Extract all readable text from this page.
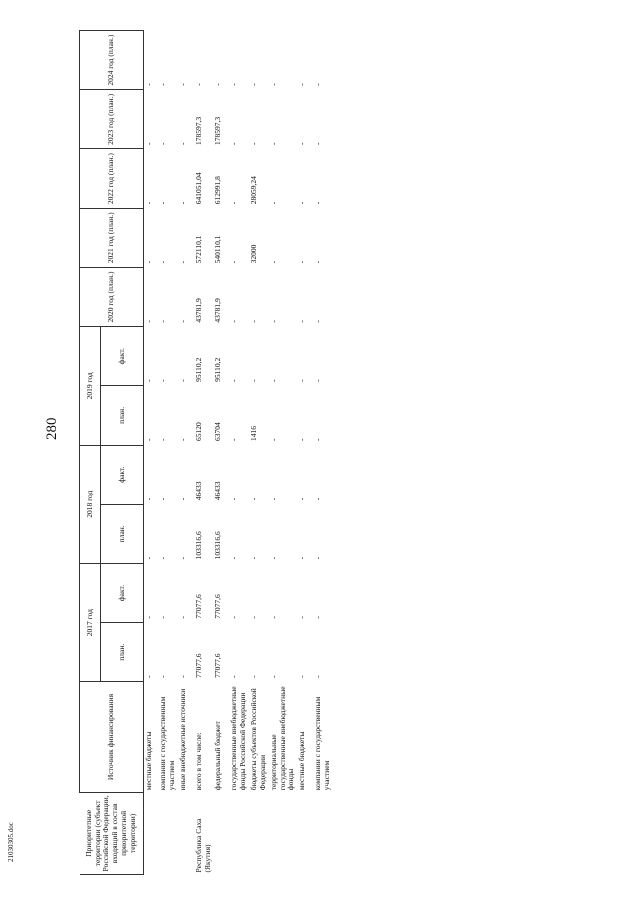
280
21030305.doc	Приоритетные территории (субъект Российской Федерации, входящий в состав приоритетной территории)	Источник финансирования	2017 год		2018 год		2019 год		2020 год (план.)	2021 год (план.)	2022 год (план.)	2023 год (план.)	2024 год (план.)
		план.	факт.	план.	факт.	план.	факт.					
	местные бюджеты	-	-	-	-	-	-	-	-	-	-	-
	компании с государственным участием	-	-	-	-	-	-	-	-	-	-	-
	иные внебюджетные источники	-	-	-	-	-	-	-	-	-	-	-
Республика Саха (Якутия)	всего в том числе:	77077,6	77077,6	103316,6	46433	65120	95110,2	43781,9	572110,1	641051,04	178597,3	-
	федеральный бюджет	77077,6	77077,6	103316,6	46433	63704	95110,2	43781,9	540110,1	612991,8	178597,3	-
	государственные внебюджетные фонды Российской Федерации	-	-	-	-	-	-	-	-	-	-	-
	бюджеты субъектов Российской Федерации	-	-	-	-	1416	-	-	32000	28059,24	-	-
	территориальные государственные внебюджетные фонды	-	-	-	-	-	-	-	-	-	-	-
	местные бюджеты	-	-	-	-	-	-	-	-	-	-	-
	компании с государственным участием	-	-	-	-	-	-	-	-	-	-	-
